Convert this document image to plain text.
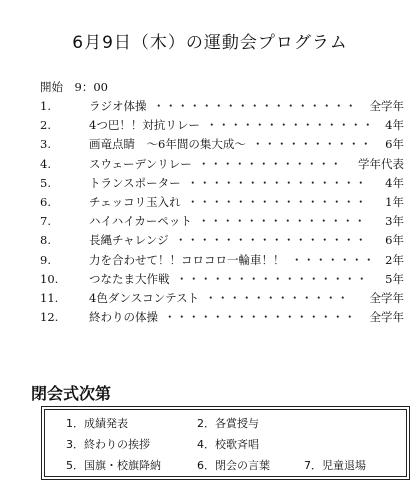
6月9日（木）の運動会プログラム
開始　9：00
1.	ラジオ体操 ・・・・・・・・・・・・・・・・・	全学年
2.	4つ巴！！対抗リレー ・・・・・・・・・・・・・・ 4年
3.	画竜点睛　～6年間の集大成～ ・・・・・・・・・・	6年
4.	スウェーデンリレー ・・・・・・・・・・・・	学年代表
5.	トランスポーター ・・・・・・・・・・・・・・・	4年
6.	チェッコリ玉入れ ・・・・・・・・・・・・・・・	1年
7.	ハイハイカーペット ・・・・・・・・・・・・・・	3年
8.	長縄チャレンジ ・・・・・・・・・・・・・・・・	6年
9.	力を合わせて！！コロコロ一輪車！！ ・・・・・・・ 2年
10.	つなたま大作戦 ・・・・・・・・・・・・・・・・	5年
11.	4色ダンスコンテスト ・・・・・・・・・・・・	全学年
12.	終わりの体操 ・・・・・・・・・・・・・・・・	全学年
閉会式次第
1．成績発表	2．各賞授与
3．終わりの挨拶	4．校歌斉唱
5．国旗・校旗降納	6．閉会の言葉	7．児童退場
